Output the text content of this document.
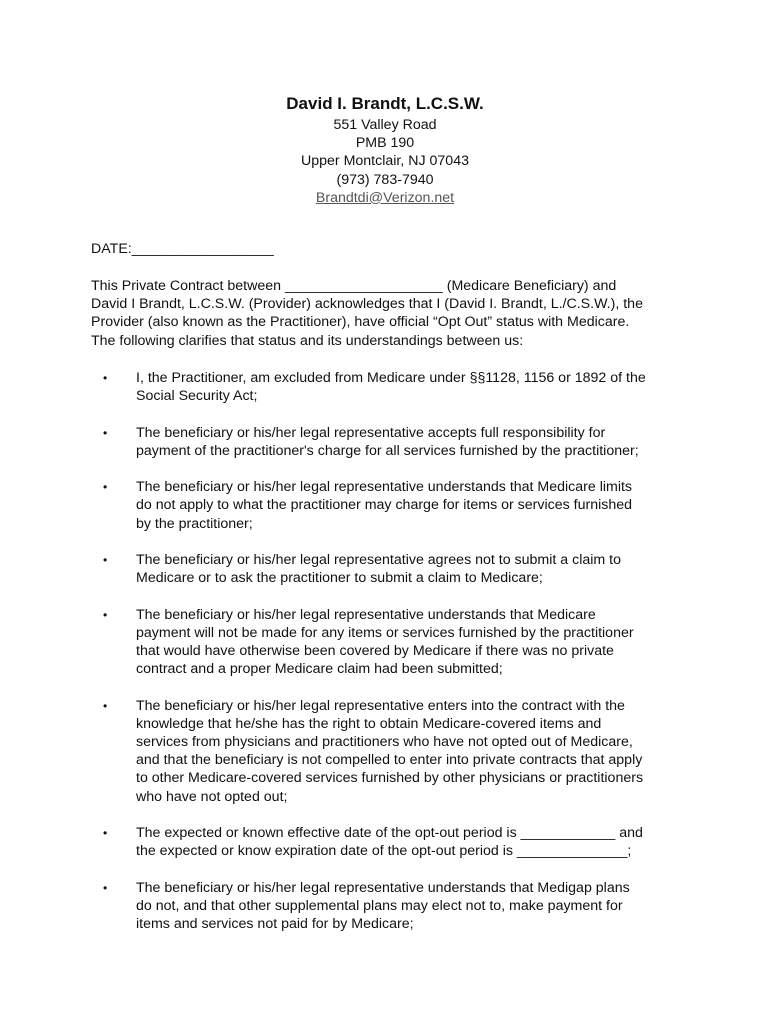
David I. Brandt, L.C.S.W.
551 Valley Road
PMB 190
Upper Montclair, NJ 07043
(973) 783-7940
Brandtdi@Verizon.net
DATE:__________________

This Private Contract between ____________________ (Medicare Beneficiary) and

David I Brandt, L.C.S.W. (Provider) acknowledges that I (David I. Brandt, L./C.S.W.), the

Provider (also known as the Practitioner), have official “Opt Out” status with Medicare.

The following clarifies that status and its understandings between us:

•	I, the Practitioner, am excluded from Medicare under §§1128, 1156 or 1892 of the
Social Security Act;
•	The beneficiary or his/her legal representative accepts full responsibility for
payment of the practitioner's charge for all services furnished by the practitioner;
•	The beneficiary or his/her legal representative understands that Medicare limits
do not apply to what the practitioner may charge for items or services furnished
by the practitioner;
•	The beneficiary or his/her legal representative agrees not to submit a claim to
Medicare or to ask the practitioner to submit a claim to Medicare;
•	The beneficiary or his/her legal representative understands that Medicare
payment will not be made for any items or services furnished by the practitioner
that would have otherwise been covered by Medicare if there was no private
contract and a proper Medicare claim had been submitted;
•	The beneficiary or his/her legal representative enters into the contract with the
knowledge that he/she has the right to obtain Medicare-covered items and
services from physicians and practitioners who have not opted out of Medicare,
and that the beneficiary is not compelled to enter into private contracts that apply
to other Medicare-covered services furnished by other physicians or practitioners
who have not opted out;
•	The expected or known effective date of the opt-out period is ____________ and
the expected or know expiration date of the opt-out period is ______________;
•	The beneficiary or his/her legal representative understands that Medigap plans
do not, and that other supplemental plans may elect not to, make payment for
items and services not paid for by Medicare;
